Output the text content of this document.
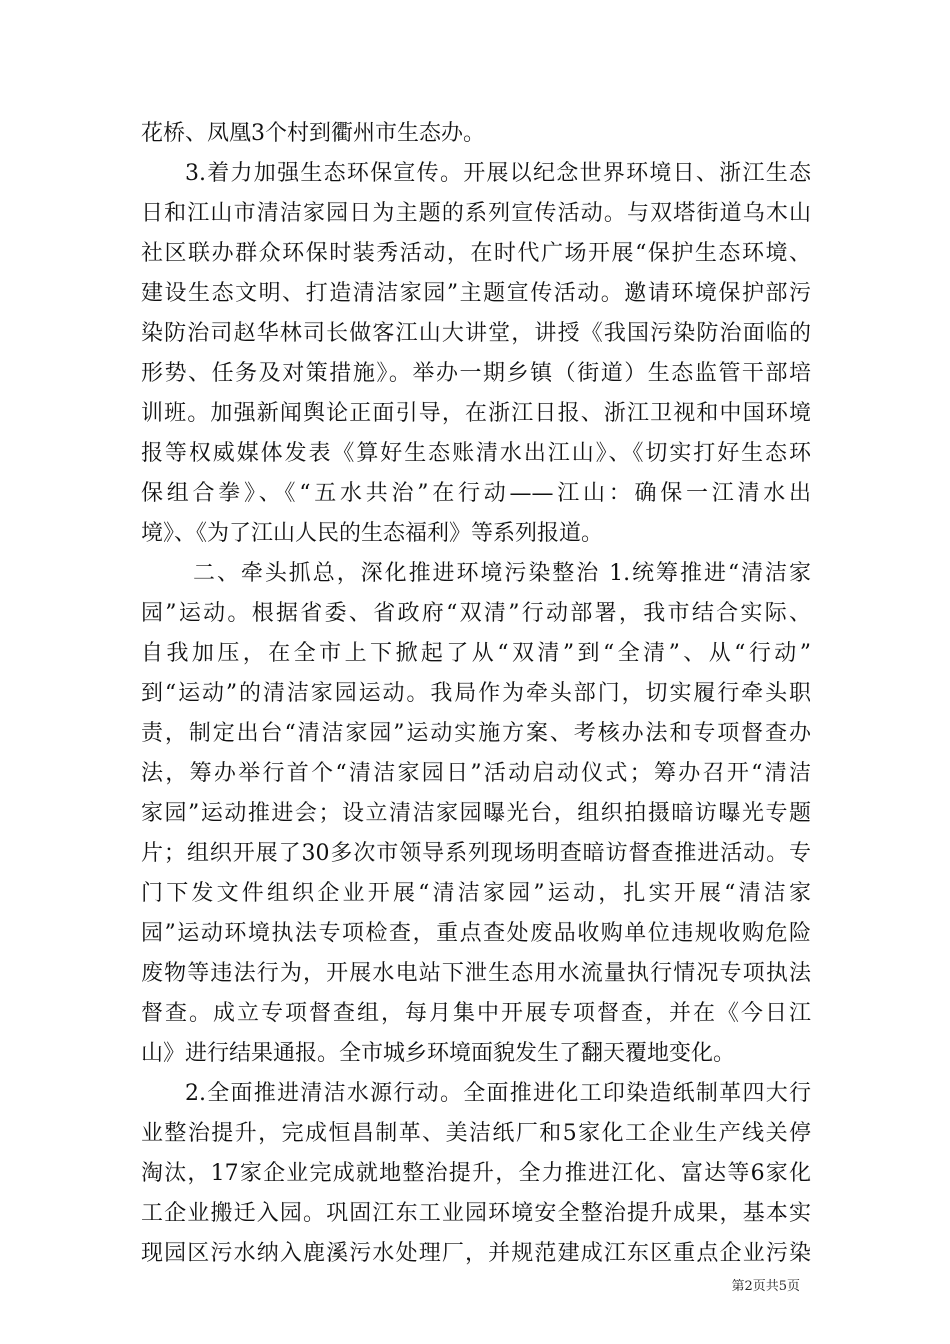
花桥、凤凰3个村到衢州市生态办。
3.着力加强生态环保宣传。开展以纪念世界环境日、浙江生态
日和江山市清洁家园日为主题的系列宣传活动。与双塔街道乌木山
社区联办群众环保时装秀活动，在时代广场开展“保护生态环境、
建设生态文明、打造清洁家园”主题宣传活动。邀请环境保护部污
染防治司赵华林司长做客江山大讲堂，讲授《我国污染防治面临的
形势、任务及对策措施》。举办一期乡镇（街道）生态监管干部培
训班。加强新闻舆论正面引导，在浙江日报、浙江卫视和中国环境
报等权威媒体发表《算好生态账清水出江山》、《切实打好生态环
保组合拳》、《“五水共治”在行动——江山：确保一江清水出
境》、《为了江山人民的生态福利》等系列报道。
二、牵头抓总，深化推进环境污染整治 1.统筹推进“清洁家
园”运动。根据省委、省政府“双清”行动部署，我市结合实际、
自我加压，在全市上下掀起了从“双清”到“全清”、从“行动”
到“运动”的清洁家园运动。我局作为牵头部门，切实履行牵头职
责，制定出台“清洁家园”运动实施方案、考核办法和专项督查办
法，筹办举行首个“清洁家园日”活动启动仪式；筹办召开“清洁
家园”运动推进会；设立清洁家园曝光台，组织拍摄暗访曝光专题
片；组织开展了30多次市领导系列现场明查暗访督查推进活动。专
门下发文件组织企业开展“清洁家园”运动，扎实开展“清洁家
园”运动环境执法专项检查，重点查处废品收购单位违规收购危险
废物等违法行为，开展水电站下泄生态用水流量执行情况专项执法
督查。成立专项督查组，每月集中开展专项督查，并在《今日江
山》进行结果通报。全市城乡环境面貌发生了翻天覆地变化。
2.全面推进清洁水源行动。全面推进化工印染造纸制革四大行
业整治提升，完成恒昌制革、美洁纸厂和5家化工企业生产线关停
淘汰，17家企业完成就地整治提升，全力推进江化、富达等6家化
工企业搬迁入园。巩固江东工业园环境安全整治提升成果，基本实
现园区污水纳入鹿溪污水处理厂，并规范建成江东区重点企业污染
第2页共5页
